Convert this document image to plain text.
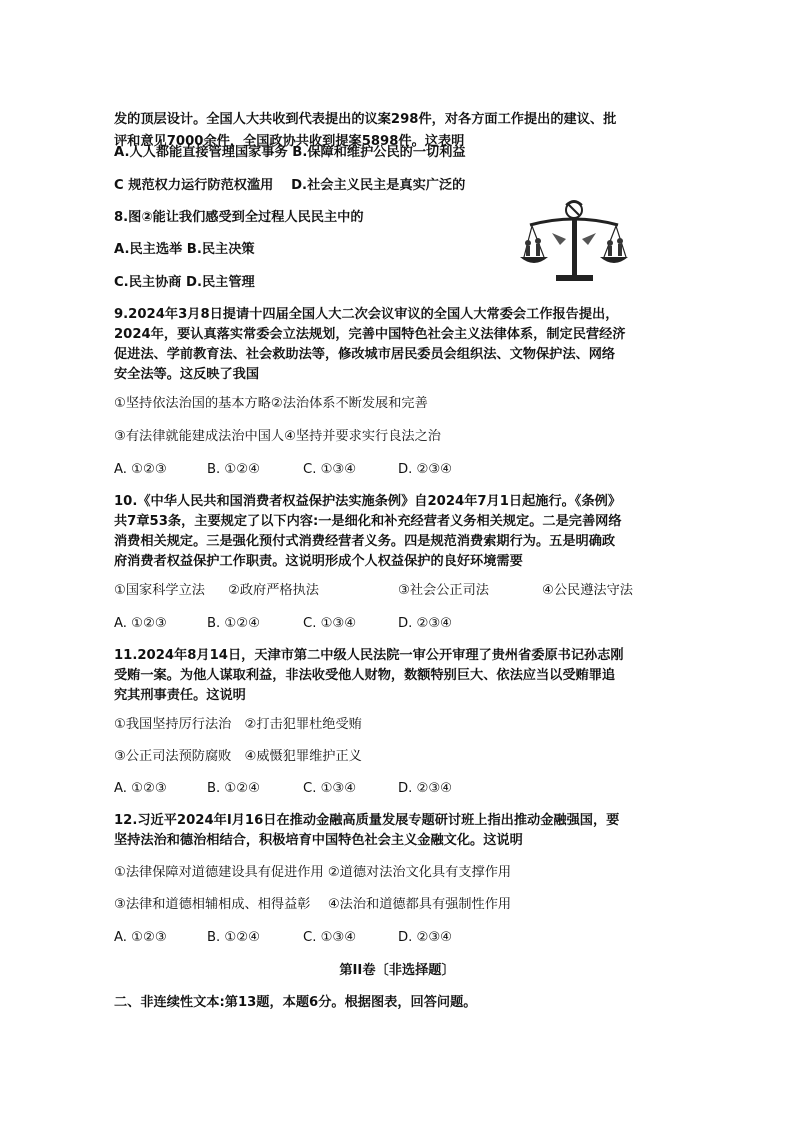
发的顶层设计。全国人大共收到代表提出的议案298件，对各方面工作提出的建议、批
评和意见7000余件，全国政协共收到提案5898件。这表明
A.人人都能直接管理国家事务 B.保障和维护公民的一切利益
C 规范权力运行防范权滥用　 D.社会主义民主是真实广泛的
8.图②能让我们感受到全过程人民民主中的
A.民主选举 B.民主决策
C.民主协商 D.民主管理
9.2024年3月8日提请十四届全国人大二次会议审议的全国人大常委会工作报告提出，
2024年，要认真落实常委会立法规划，完善中国特色社会主义法律体系，制定民营经济
促进法、学前教育法、社会救助法等，修改城市居民委员会组织法、文物保护法、网络
安全法等。这反映了我国
①坚持依法治国的基本方略②法治体系不断发展和完善
③有法律就能建成法治中国人④坚持并要求实行良法之治
A. ①②③	B. ①②④	C. ①③④	D. ②③④
10.《中华人民共和国消费者权益保护法实施条例》自2024年7月1日起施行。《条例》
共7章53条，主要规定了以下内容:一是细化和补充经营者义务相关规定。二是完善网络
消费相关规定。三是强化预付式消费经营者义务。四是规范消费索期行为。五是明确政
府消费者权益保护工作职责。这说明形成个人权益保护的良好环境需要
①国家科学立法 ②政府严格执法	③社会公正司法	④公民遵法守法
A. ①②③	B. ①②④	C. ①③④	D. ②③④
11.2024年8月14日，天津市第二中级人民法院一审公开审理了贵州省委原书记孙志刚
受贿一案。为他人谋取利益，非法收受他人财物，数额特别巨大、依法应当以受贿罪追
究其刑事责任。这说明
①我国坚持厉行法治　②打击犯罪杜绝受贿
③公正司法预防腐败　④威慑犯罪维护正义
A. ①②③	B. ①②④	C. ①③④	D. ②③④
12.习近平2024年I月16日在推动金融高质量发展专题研讨班上指出推动金融强国，要
坚持法治和德治相结合，积极培育中国特色社会主义金融文化。这说明
①法律保障对道德建设具有促进作用 ②道德对法治文化具有支撑作用
③法律和道德相辅相成、相得益彰　 ④法治和道德都具有强制性作用
A. ①②③	B. ①②④	C. ①③④	D. ②③④
第II卷〔非选择题〕
二、非连续性文本:第13题，本题6分。根据图表，回答问题。
